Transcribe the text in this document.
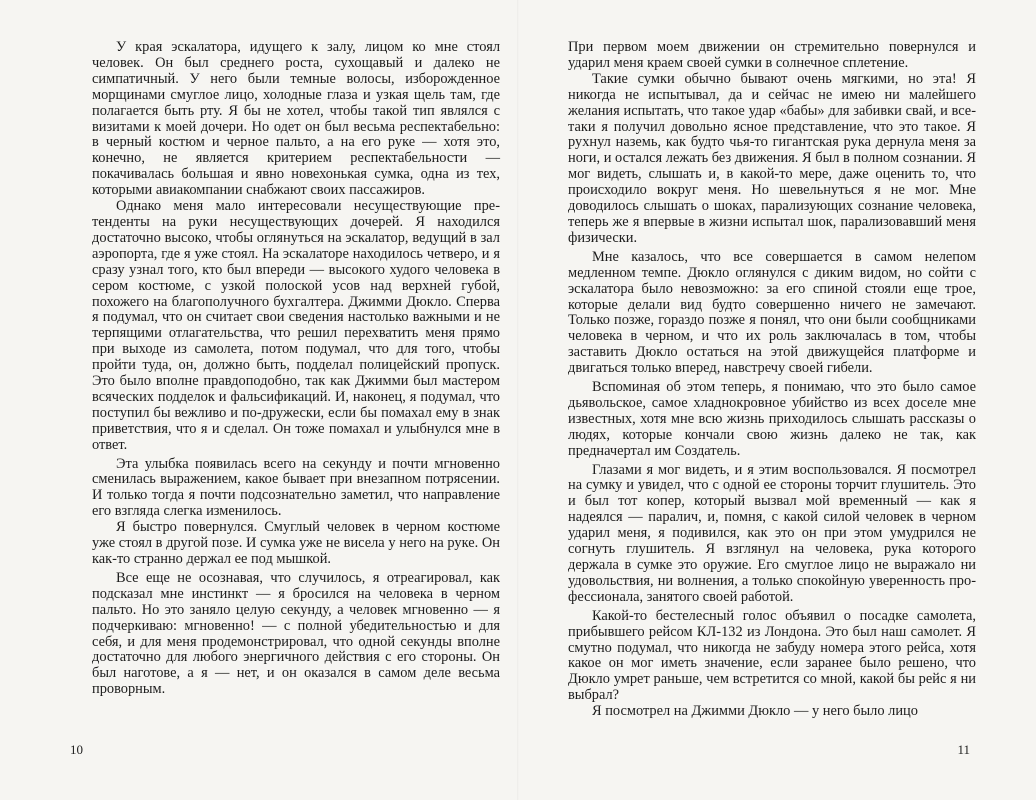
У края эскалатора, идущего к залу, лицом ко мне стоял человек. Он был среднего роста, сухощавый и далеко не симпатичный. У него были темные волосы, изборожденное морщинами смуглое лицо, холодные глаза и узкая щель там, где полагается быть рту. Я бы не хотел, чтобы такой тип являлся с визитами к моей дочери. Но одет он был весьма респектабельно: в черный костюм и черное пальто, а на его руке — хотя это, конечно, не является критерием респектабельности — покачивалась большая и явно новехонькая сумка, одна из тех, которыми авиакомпании снабжают своих пассажиров.

Однако меня мало интересовали несуществующие претенденты на руки несуществующих дочерей. Я находился достаточно высоко, чтобы оглянуться на эскалатор, ведущий в зал аэропорта, где я уже стоял. На эскалаторе находилось четверо, и я сразу узнал того, кто был впереди — высокого худого человека в сером костюме, с узкой полоской усов над верхней губой, похожего на благополучного бухгалтера. Джимми Дюкло. Сперва я подумал, что он считает свои сведения настолько важными и не терпящими отлагательства, что решил перехватить меня прямо при выходе из самолета, потом подумал, что для того, чтобы пройти туда, он, должно быть, подделал полицейский пропуск. Это было вполне правдоподобно, так как Джимми был мастером всяческих подделок и фальсификаций. И, наконец, я подумал, что поступил бы вежливо и по-дружески, если бы помахал ему в знак приветствия, что я и сделал. Он тоже помахал и улыбнулся мне в ответ.

Эта улыбка появилась всего на секунду и почти мгновенно сменилась выражением, какое бывает при внезапном потрясении. И только тогда я почти подсознательно заметил, что направление его взгляда слегка изменилось.

Я быстро повернулся. Смуглый человек в черном костюме уже стоял в другой позе. И сумка уже не висела у него на руке. Он как-то странно держал ее под мышкой.

Все еще не осознавая, что случилось, я отреагировал, как подсказал мне инстинкт — я бросился на человека в черном пальто. Но это заняло целую секунду, а человек мгновенно — я подчеркиваю: мгновенно! — с полной убедительностью и для себя, и для меня продемонстрировал, что одной секунды вполне достаточно для любого энергичного действия с его стороны. Он был наготове, а я — нет, и он оказался в самом деле весьма проворным.

10

При первом моем движении он стремительно повернулся и ударил меня краем своей сумки в солнечное сплетение.

Такие сумки обычно бывают очень мягкими, но эта! Я никогда не испытывал, да и сейчас не имею ни малейшего желания испытать, что такое удар «бабы» для забивки свай, и все-таки я получил довольно ясное представление, что это такое. Я рухнул наземь, как будто чья-то гигантская рука дернула меня за ноги, и остался лежать без движения. Я был в полном сознании. Я мог видеть, слышать и, в какой-то мере, даже оценить то, что происходило вокруг меня. Но шевельнуться я не мог. Мне доводилось слышать о шоках, парализующих сознание человека, теперь же я впервые в жизни испытал шок, парализовавший меня физически.

Мне казалось, что все совершается в самом нелепом медленном темпе. Дюкло оглянулся с диким видом, но сойти с эскалатора было невозможно: за его спиной стояли еще трое, которые делали вид будто совершенно ничего не замечают. Только позже, гораздо позже я понял, что они были сообщниками человека в черном, и что их роль заключалась в том, чтобы заставить Дюкло остаться на этой движущейся платформе и двигаться только вперед, навстречу своей гибели.

Вспоминая об этом теперь, я понимаю, что это было самое дьявольское, самое хладнокровное убийство из всех доселе мне известных, хотя мне всю жизнь приходилось слышать рассказы о людях, которые кончали свою жизнь далеко не так, как предначертал им Создатель.

Глазами я мог видеть, и я этим воспользовался. Я посмотрел на сумку и увидел, что с одной ее стороны торчит глушитель. Это и был тот копер, который вызвал мой временный — как я надеялся — паралич, и, помня, с какой силой человек в черном ударил меня, я подивился, как это он при этом умудрился не согнуть глушитель. Я взглянул на человека, рука которого держала в сумке это оружие. Его смуглое лицо не выражало ни удовольствия, ни волнения, а только спокойную уверенность профессионала, занятого своей работой.

Какой-то бестелесный голос объявил о посадке самолета, прибывшего рейсом КЛ-132 из Лондона. Это был наш самолет. Я смутно подумал, что никогда не забуду номера этого рейса, хотя какое он мог иметь значение, если заранее было решено, что Дюкло умрет раньше, чем встретится со мной, какой бы рейс я ни выбрал?

Я посмотрел на Джимми Дюкло — у него было лицо

11
